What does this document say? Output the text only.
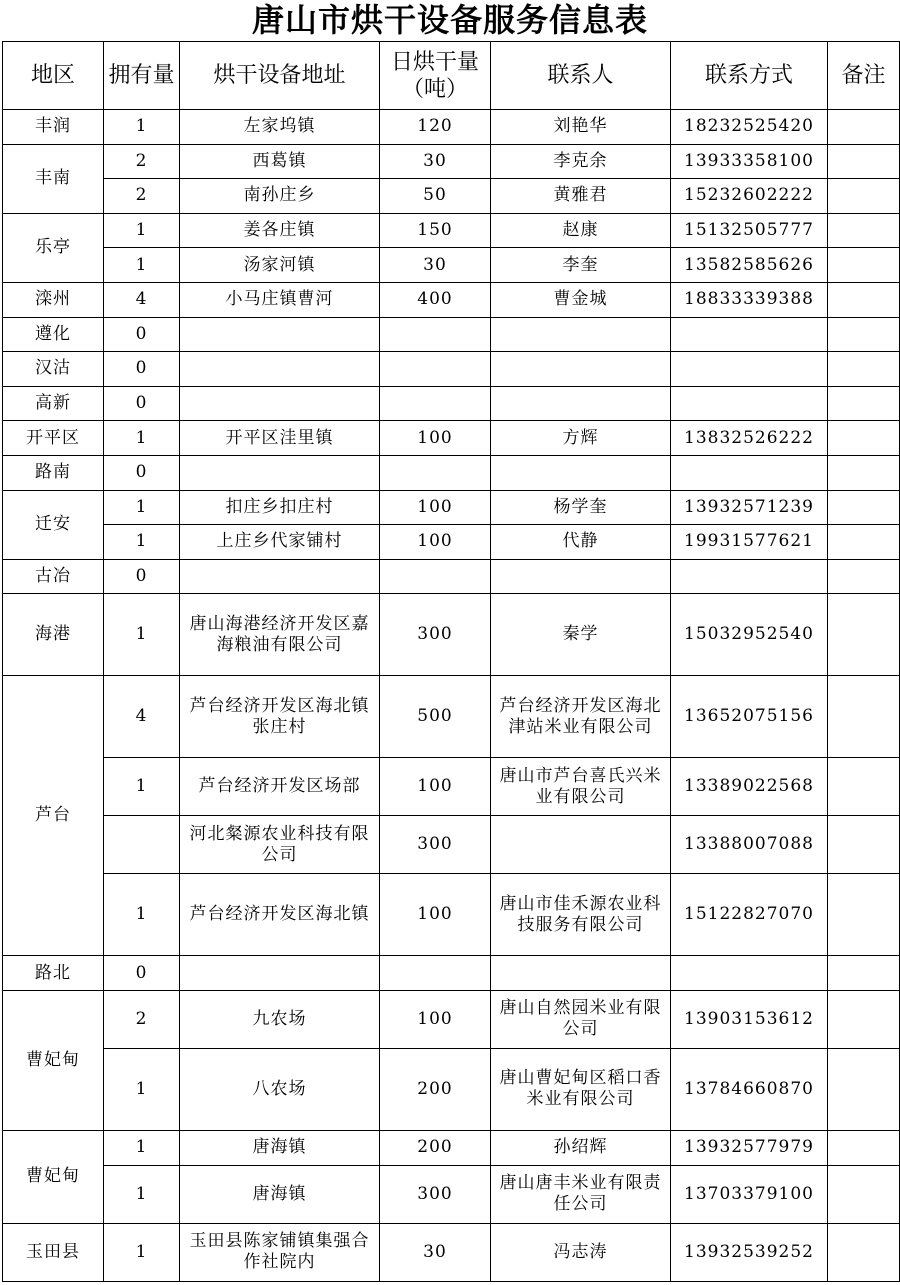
唐山市烘干设备服务信息表
地区	拥有量	烘干设备地址	日烘干量（吨）	联系人	联系方式	备注
丰润	1	左家坞镇	120	刘艳华	18232525420	
丰南	2	西葛镇	30	李克余	13933358100	
	2	南孙庄乡	50	黄雅君	15232602222	
乐亭	1	姜各庄镇	150	赵康	15132505777	
	1	汤家河镇	30	李奎	13582585626	
滦州	4	小马庄镇曹河	400	曹金城	18833339388	
遵化	0					
汉沽	0					
高新	0					
开平区	1	开平区洼里镇	100	方辉	13832526222	
路南	0					
迁安	1	扣庄乡扣庄村	100	杨学奎	13932571239	
	1	上庄乡代家铺村	100	代静	19931577621	
古冶	0					
海港	1	唐山海港经济开发区嘉海粮油有限公司	300	秦学	15032952540	
芦台	4	芦台经济开发区海北镇张庄村	500	芦台经济开发区海北津站米业有限公司	13652075156	
	1	芦台经济开发区场部	100	唐山市芦台喜氏兴米业有限公司	13389022568	
		河北粲源农业科技有限公司	300		13388007088	
	1	芦台经济开发区海北镇	100	唐山市佳禾源农业科技服务有限公司	15122827070	
路北	0					
曹妃甸	2	九农场	100	唐山自然园米业有限公司	13903153612	
	1	八农场	200	唐山曹妃甸区稻口香米业有限公司	13784660870	
曹妃甸	1	唐海镇	200	孙绍辉	13932577979	
	1	唐海镇	300	唐山唐丰米业有限责任公司	13703379100	
玉田县	1	玉田县陈家铺镇集强合作社院内	30	冯志涛	13932539252	
